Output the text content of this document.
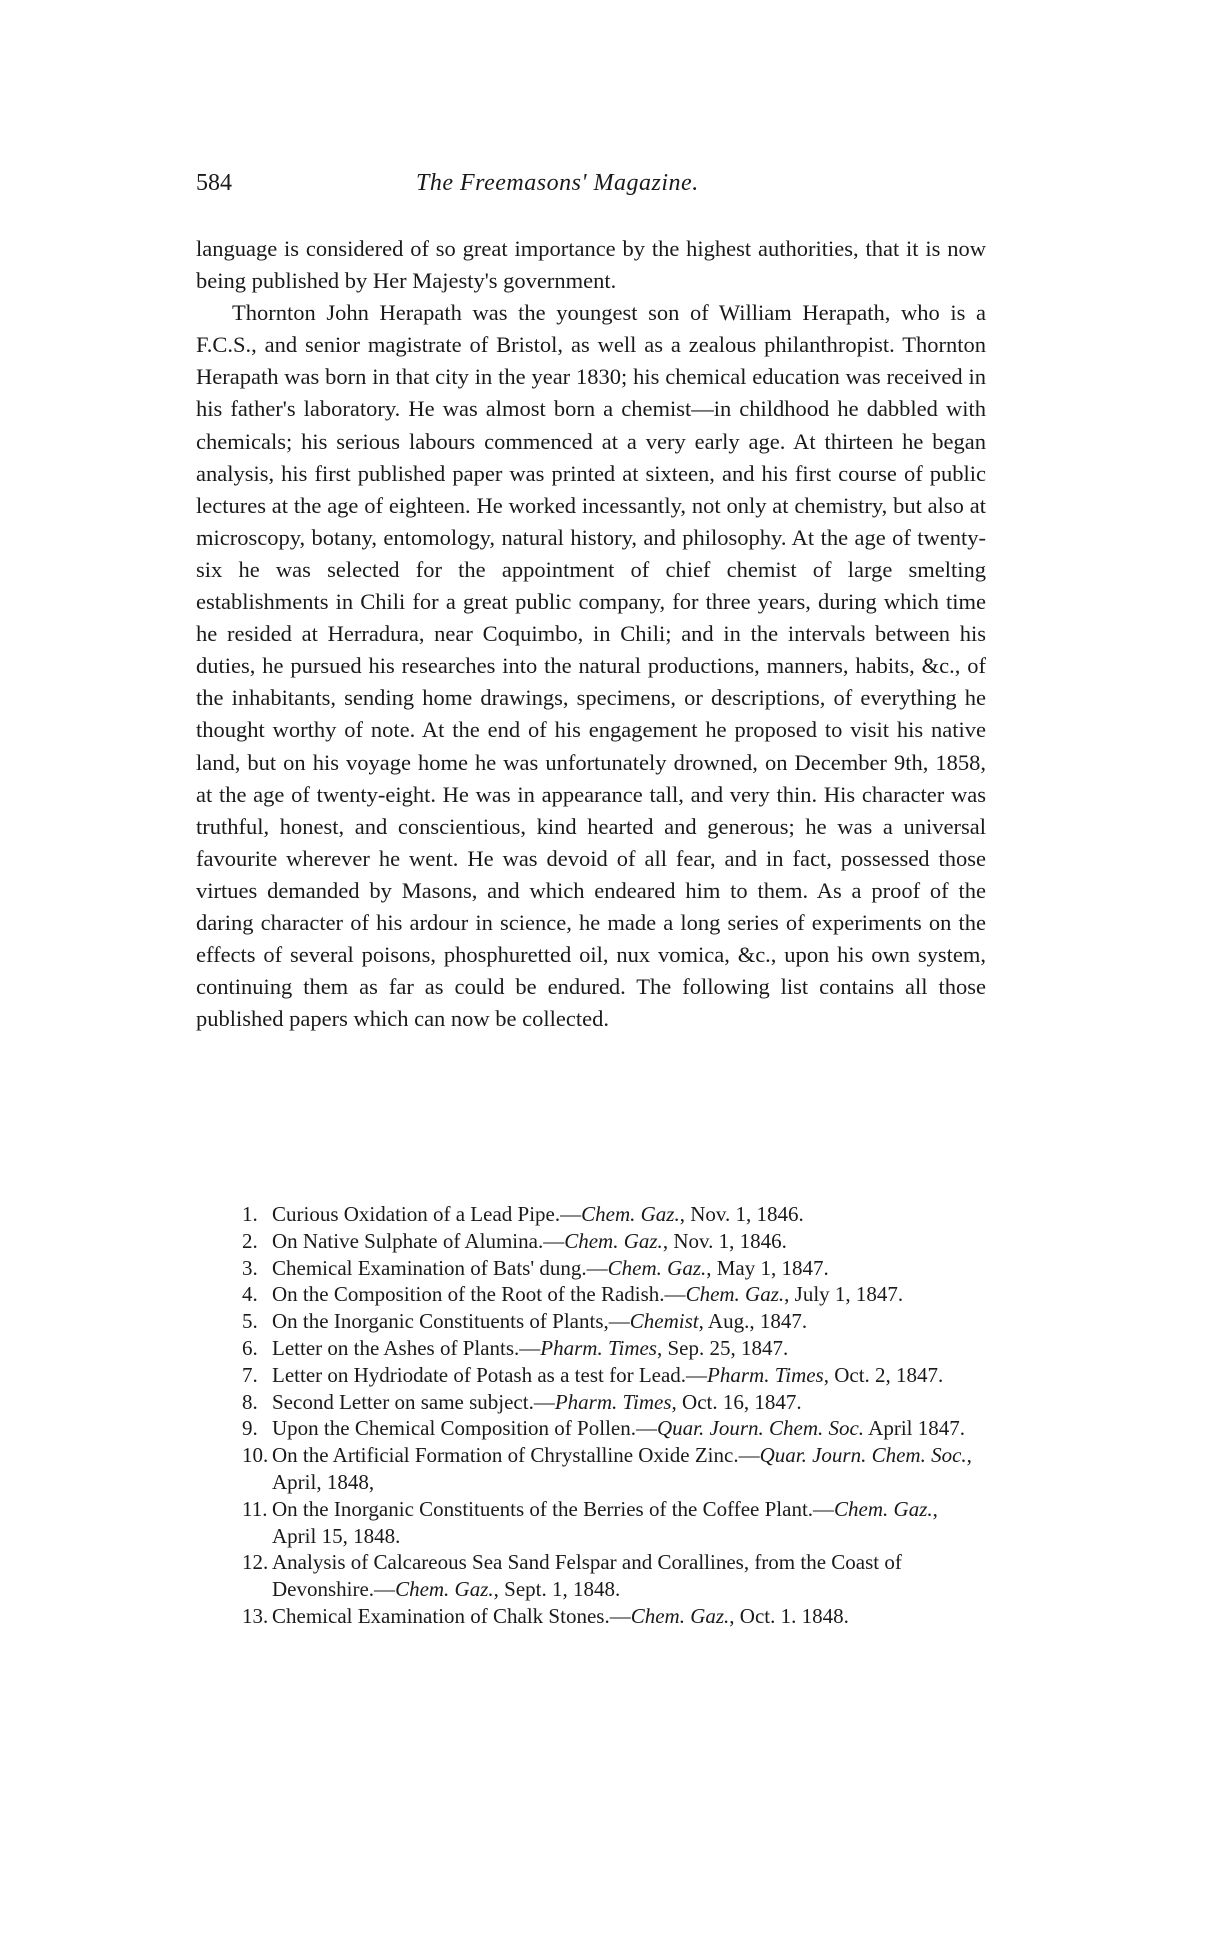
584	The Freemasons' Magazine.

language is considered of so great importance by the highest authorities, that it is now being published by Her Majesty's government.

Thornton John Herapath was the youngest son of William Herapath, who is a F.C.S., and senior magistrate of Bristol, as well as a zealous philanthropist. Thornton Herapath was born in that city in the year 1830; his chemical education was received in his father's laboratory. He was almost born a chemist—in childhood he dabbled with chemicals; his serious labours commenced at a very early age. At thirteen he began analysis, his first published paper was printed at sixteen, and his first course of public lectures at the age of eighteen. He worked incessantly, not only at chemistry, but also at microscopy, botany, entomology, natural history, and philosophy. At the age of twenty-six he was selected for the appointment of chief chemist of large smelting establishments in Chili for a great public company, for three years, during which time he resided at Herradura, near Coquimbo, in Chili; and in the intervals between his duties, he pursued his researches into the natural productions, manners, habits, &c., of the inhabitants, sending home drawings, specimens, or descriptions, of everything he thought worthy of note. At the end of his engagement he proposed to visit his native land, but on his voyage home he was unfortunately drowned, on December 9th, 1858, at the age of twenty-eight. He was in appearance tall, and very thin. His character was truthful, honest, and conscientious, kind hearted and generous; he was a universal favourite wherever he went. He was devoid of all fear, and in fact, possessed those virtues demanded by Masons, and which endeared him to them. As a proof of the daring character of his ardour in science, he made a long series of experiments on the effects of several poisons, phosphuretted oil, nux vomica, &c., upon his own system, continuing them as far as could be endured. The following list contains all those published papers which can now be collected.

1. Curious Oxidation of a Lead Pipe.—Chem. Gaz., Nov. 1, 1846.
2. On Native Sulphate of Alumina.—Chem. Gaz., Nov. 1, 1846.
3. Chemical Examination of Bats' dung.—Chem. Gaz., May 1, 1847.
4. On the Composition of the Root of the Radish.—Chem. Gaz., July 1, 1847.
5. On the Inorganic Constituents of Plants,—Chemist, Aug., 1847.
6. Letter on the Ashes of Plants.—Pharm. Times, Sep. 25, 1847.
7. Letter on Hydriodate of Potash as a test for Lead.—Pharm. Times, Oct. 2, 1847.
8. Second Letter on same subject.—Pharm. Times, Oct. 16, 1847.
9. Upon the Chemical Composition of Pollen.—Quar. Journ. Chem. Soc. April 1847.
10. On the Artificial Formation of Chrystalline Oxide Zinc.—Quar. Journ. Chem. Soc., April, 1848,
11. On the Inorganic Constituents of the Berries of the Coffee Plant.—Chem. Gaz., April 15, 1848.
12. Analysis of Calcareous Sea Sand Felspar and Corallines, from the Coast of Devonshire.—Chem. Gaz., Sept. 1, 1848.
13. Chemical Examination of Chalk Stones.—Chem. Gaz., Oct. 1. 1848.
